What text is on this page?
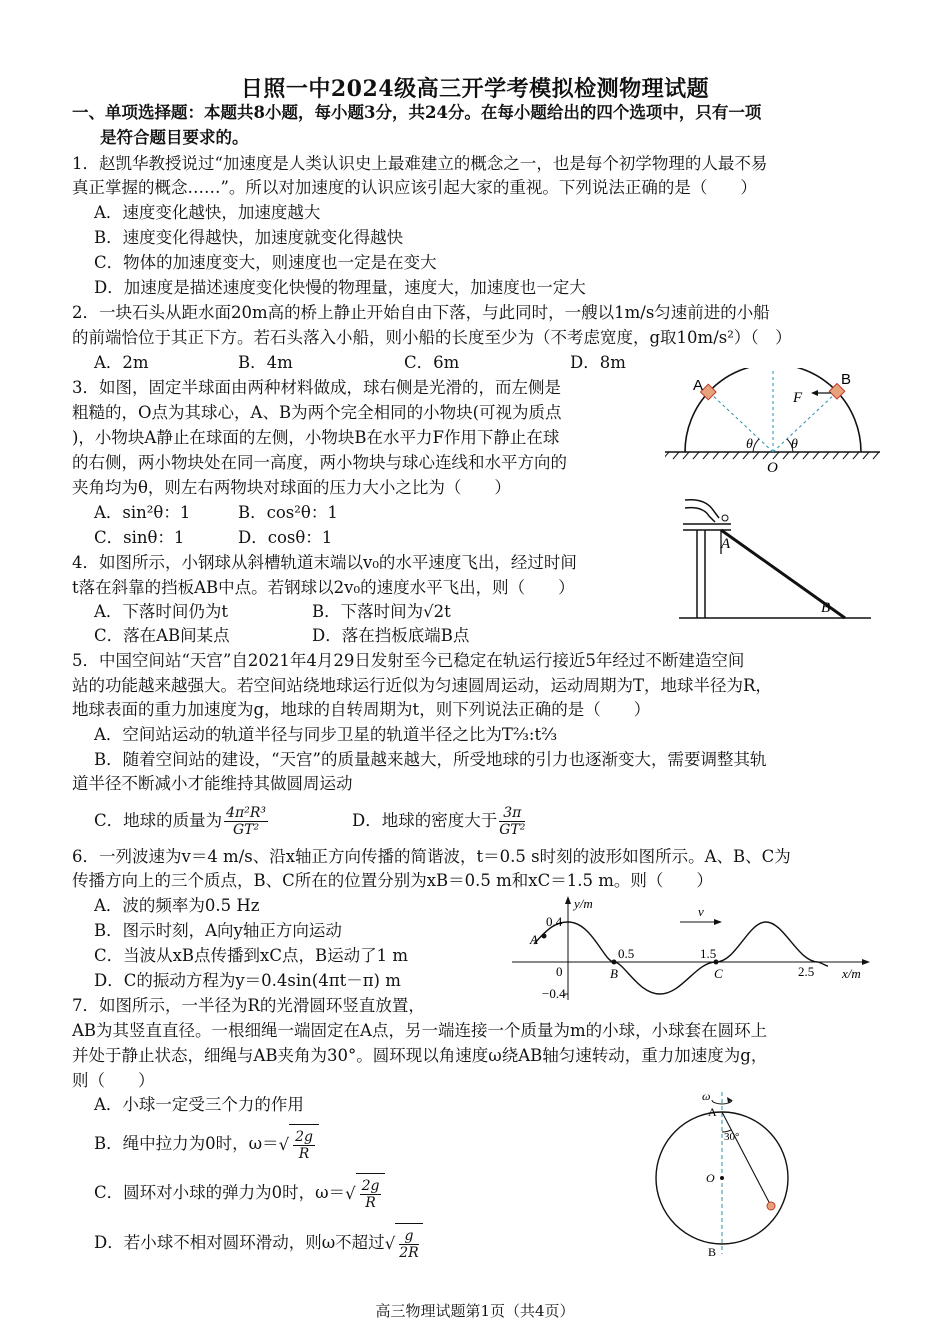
日照一中2024级高三开学考模拟检测物理试题
一、单项选择题：本题共8小题，每小题3分，共24分。在每小题给出的四个选项中，只有一项
是符合题目要求的。
1．赵凯华教授说过“加速度是人类认识史上最难建立的概念之一，也是每个初学物理的人最不易
真正掌握的概念……”。所以对加速度的认识应该引起大家的重视。下列说法正确的是（　　）
A．速度变化越快，加速度越大
B．速度变化得越快，加速度就变化得越快
C．物体的加速度变大，则速度也一定是在变大
D．加速度是描述速度变化快慢的物理量，速度大，加速度也一定大
2．一块石头从距水面20m高的桥上静止开始自由下落，与此同时，一艘以1m/s匀速前进的小船
的前端恰位于其正下方。若石头落入小船，则小船的长度至少为（不考虑宽度，g取10m/s²）（　）
A．2m	B．4m	C．6m	D．8m
3．如图，固定半球面由两种材料做成，球右侧是光滑的，而左侧是
粗糙的，O点为其球心，A、B为两个完全相同的小物块(可视为质点
)，小物块A静止在球面的左侧，小物块B在水平力F作用下静止在球
的右侧，两小物块处在同一高度，两小物块与球心连线和水平方向的
夹角均为θ，则左右两物块对球面的压力大小之比为（　　）
A．sin²θ：1	B．cos²θ：1
C．sinθ：1	D．cosθ：1
A	B
F
θ	θ
O
4．如图所示，小钢球从斜槽轨道末端以v₀的水平速度飞出，经过时间
t落在斜靠的挡板AB中点。若钢球以2v₀的速度水平飞出，则（　　）
A．下落时间仍为t	B．下落时间为√2t
C．落在AB间某点	D．落在挡板底端B点
A
B
5．中国空间站“天宫”自2021年4月29日发射至今已稳定在轨运行接近5年经过不断建造空间
站的功能越来越强大。若空间站绕地球运行近似为匀速圆周运动，运动周期为T，地球半径为R，
地球表面的重力加速度为g，地球的自转周期为t，则下列说法正确的是（　　）
A．空间站运动的轨道半径与同步卫星的轨道半径之比为T⅔:t⅔
B．随着空间站的建设，“天宫”的质量越来越大，所受地球的引力也逐渐变大，需要调整其轨
道半径不断减小才能维持其做圆周运动
C．地球的质量为 $\frac{\text{4π²R³}}{\text{GT²}}$	D．地球的密度大于 $\frac{3\pi}{\text{GT²}}$
6．一列波速为v＝4 m/s、沿x轴正方向传播的简谐波，t＝0.5 s时刻的波形如图所示。A、B、C为
传播方向上的三个质点，B、C所在的位置分别为xB＝0.5 m和xC＝1.5 m。则（　　）
A．波的频率为0.5 Hz
B．图示时刻，A向y轴正方向运动
C．当波从xB点传播到xC点，B运动了1 m
D．C的振动方程为y＝0.4sin(4πt－π) m
y/m
x/m
0.4
−0.4
0
0.5	1.5
2.5
A
B	C
v
7．如图所示，一半径为R的光滑圆环竖直放置，
AB为其竖直直径。一根细绳一端固定在A点，另一端连接一个质量为m的小球，小球套在圆环上
并处于静止状态，细绳与AB夹角为30°。圆环现以角速度ω绕AB轴匀速转动，重力加速度为g，
则（　　）
A．小球一定受三个力的作用
B．绳中拉力为0时，$\omega=√ \frac{2g}{R}$
C．圆环对小球的弹力为0时，$\omega=√ \frac{2g}{R}$
D．若小球不相对圆环滑动，则ω不超过√ $\frac{g}{2R}$
ω
A
30°
O
B
高三物理试题第1页（共4页）
